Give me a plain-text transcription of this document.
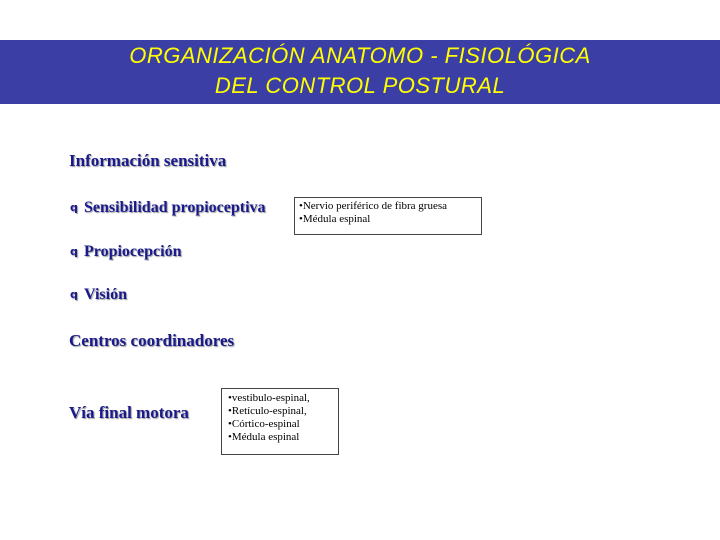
ORGANIZACIÓN ANATOMO - FISIOLÓGICA
DEL CONTROL POSTURAL
Información sensitiva
q Sensibilidad propioceptiva	•Nervio periférico de fibra gruesa
•Médula espinal
q Propiocepción
q Visión
Centros coordinadores
Vía final motora
•vestibulo-espinal,
•Retículo-espinal,
•Córtico-espinal
•Médula espinal
